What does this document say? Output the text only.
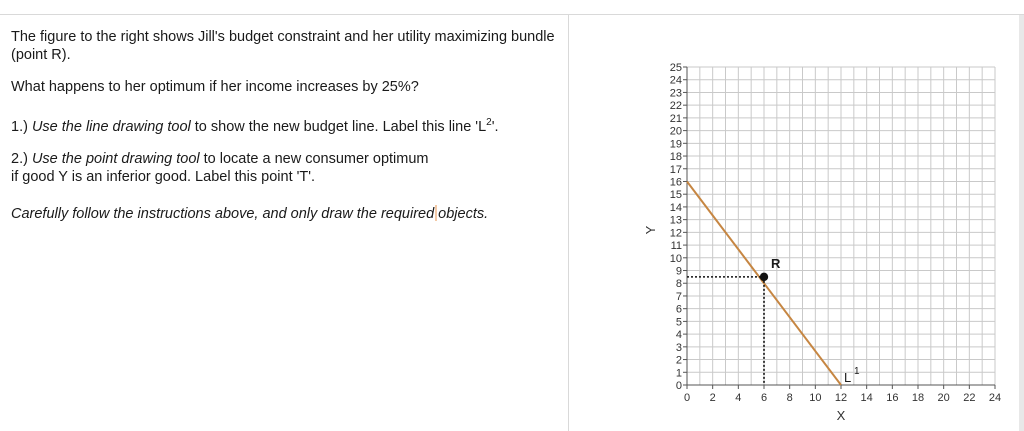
The figure to the right shows Jill's budget constraint and her utility maximizing bundle (point R).

What happens to her optimum if her income increases by 25%?

1.) Use the line drawing tool to show the new budget line. Label this line '$L^2$'.

2.) Use the point drawing tool to locate a new consumer optimum
if good Y is an inferior good. Label this point 'T'.

Carefully follow the instructions above, and only draw the required objects.

X
Y
0
1
2
3
4
5
6
7
8
9
10
11
12
13
14
15
16
17
18
19
20
21
22
23
24
25
0 2 4 6 8 10 12 14 16 18 20 22 24
L 1
R
